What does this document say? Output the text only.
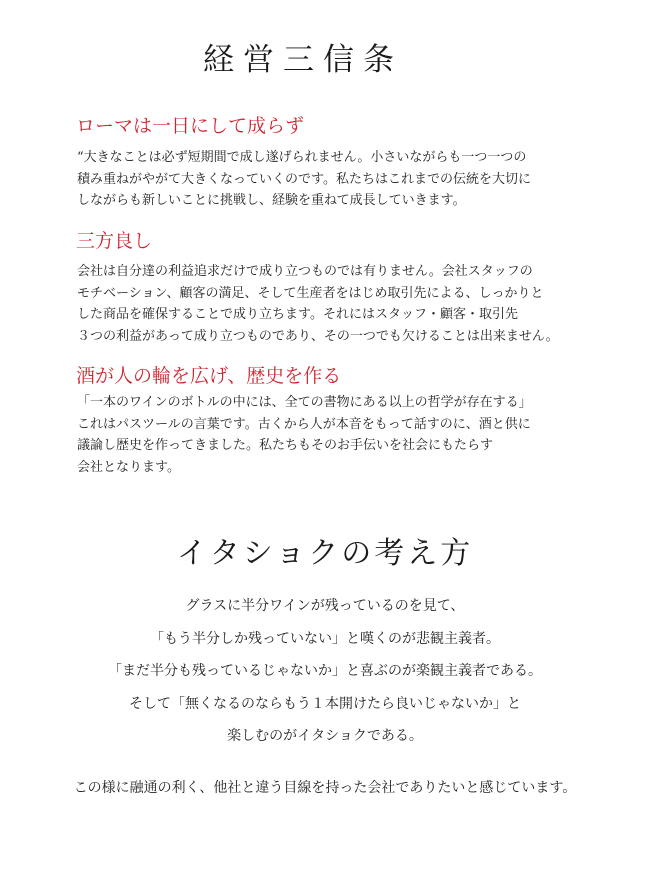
経営三信条
ローマは一日にして成らず
“大きなことは必ず短期間で成し遂げられません。小さいながらも一つ一つの
積み重ねがやがて大きくなっていくのです。私たちはこれまでの伝統を大切に
しながらも新しいことに挑戦し、経験を重ねて成長していきます。
三方良し
会社は自分達の利益追求だけで成り立つものでは有りません。会社スタッフの
モチベーション、顧客の満足、そして生産者をはじめ取引先による、しっかりと
した商品を確保することで成り立ちます。それにはスタッフ・顧客・取引先
３つの利益があって成り立つものであり、その一つでも欠けることは出来ません。
酒が人の輪を広げ、歴史を作る
「一本のワインのボトルの中には、全ての書物にある以上の哲学が存在する」
これはパスツールの言葉です。古くから人が本音をもって話すのに、酒と供に
議論し歴史を作ってきました。私たちもそのお手伝いを社会にもたらす
会社となります。
イタショクの考え方
グラスに半分ワインが残っているのを見て、
「もう半分しか残っていない」と嘆くのが悲観主義者。
「まだ半分も残っているじゃないか」と喜ぶのが楽観主義者である。
そして「無くなるのならもう１本開けたら良いじゃないか」と
楽しむのがイタショクである。

この様に融通の利く、他社と違う目線を持った会社でありたいと感じています。
